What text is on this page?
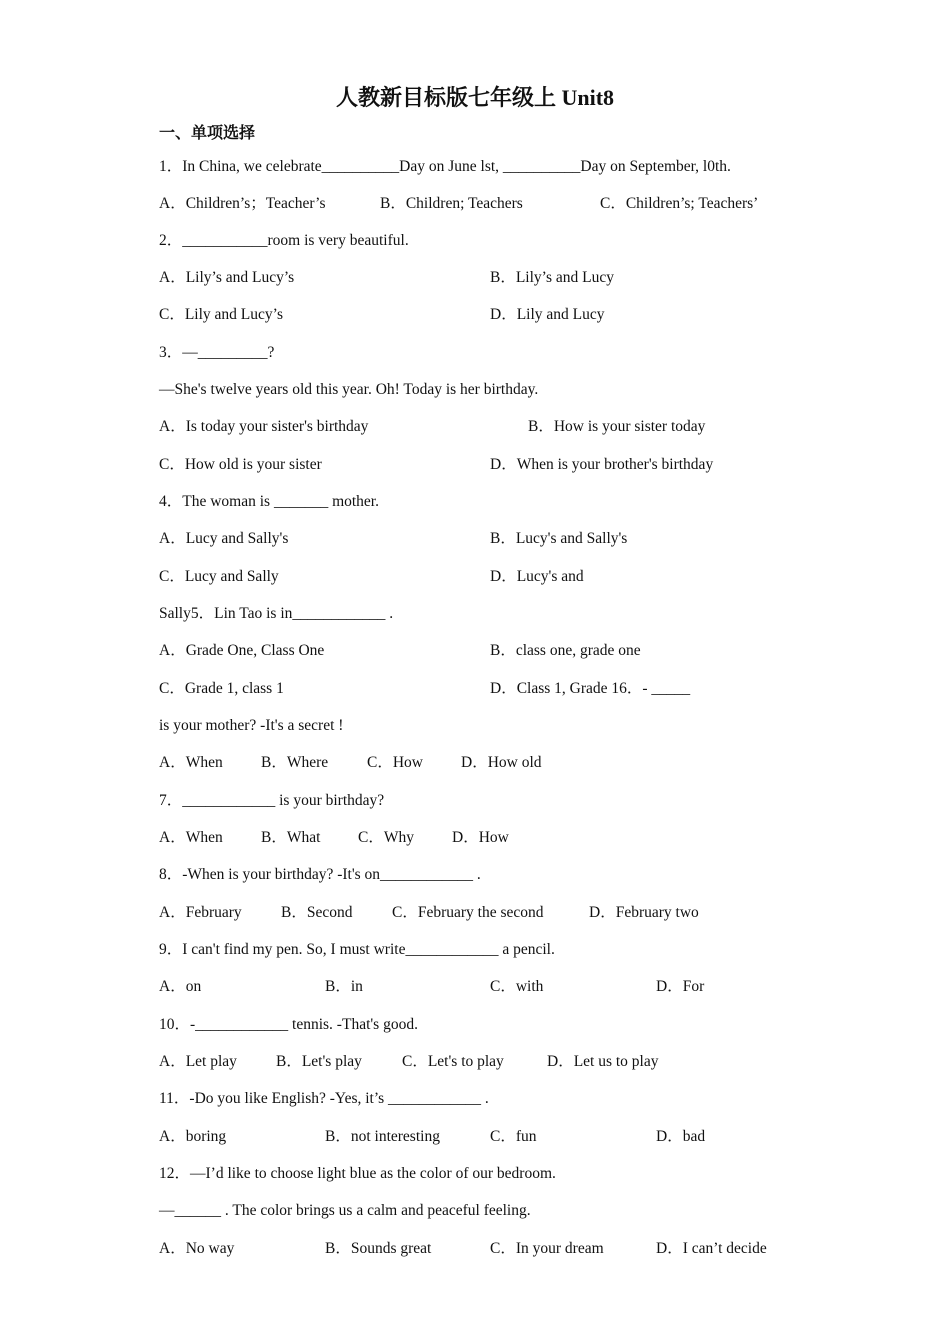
人教新目标版七年级上 Unit8
一、单项选择
1．In China, we celebrate__________Day on June lst, __________Day on September, l0th.
A．Children’s；Teacher’s	B．Children; Teachers	C．Children’s; Teachers’
2．___________room is very beautiful.
A．Lily’s and Lucy’s	B．Lily’s and Lucy
C．Lily and Lucy’s	D．Lily and Lucy
3．—_________?
—She's twelve years old this year. Oh! Today is her birthday.
A．Is today your sister's birthday	B．How is your sister today
C．How old is your sister	D．When is your brother's birthday
4．The woman is _______ mother.
A．Lucy and Sally's	B．Lucy's and Sally's
C．Lucy and Sally	D．Lucy's and
Sally5．Lin Tao is in____________ .
A．Grade One, Class One	B．class one, grade one
C．Grade 1, class 1	D．Class 1, Grade 16．- _____
is your mother? -It's a secret !
A．When B．Where	C．How D．How old
7．____________ is your birthday?
A．When B．What C．Why D．How
8．-When is your birthday? -It's on____________ .
A．February	B．Second	C．February the second	D．February two
9．I can't find my pen. So, I must write____________ a pencil.
A．on	B．in	C．with	D．For
10．-____________ tennis. -That's good.
A．Let play	B．Let's play	C．Let's to play	D．Let us to play
11．-Do you like English? -Yes, it’s ____________ .
A．boring	B．not interesting	C．fun	D．bad
12．—I’d like to choose light blue as the color of our bedroom.
—______ . The color brings us a calm and peaceful feeling.
A．No way	B．Sounds great	C．In your dream	D．I can’t decide
